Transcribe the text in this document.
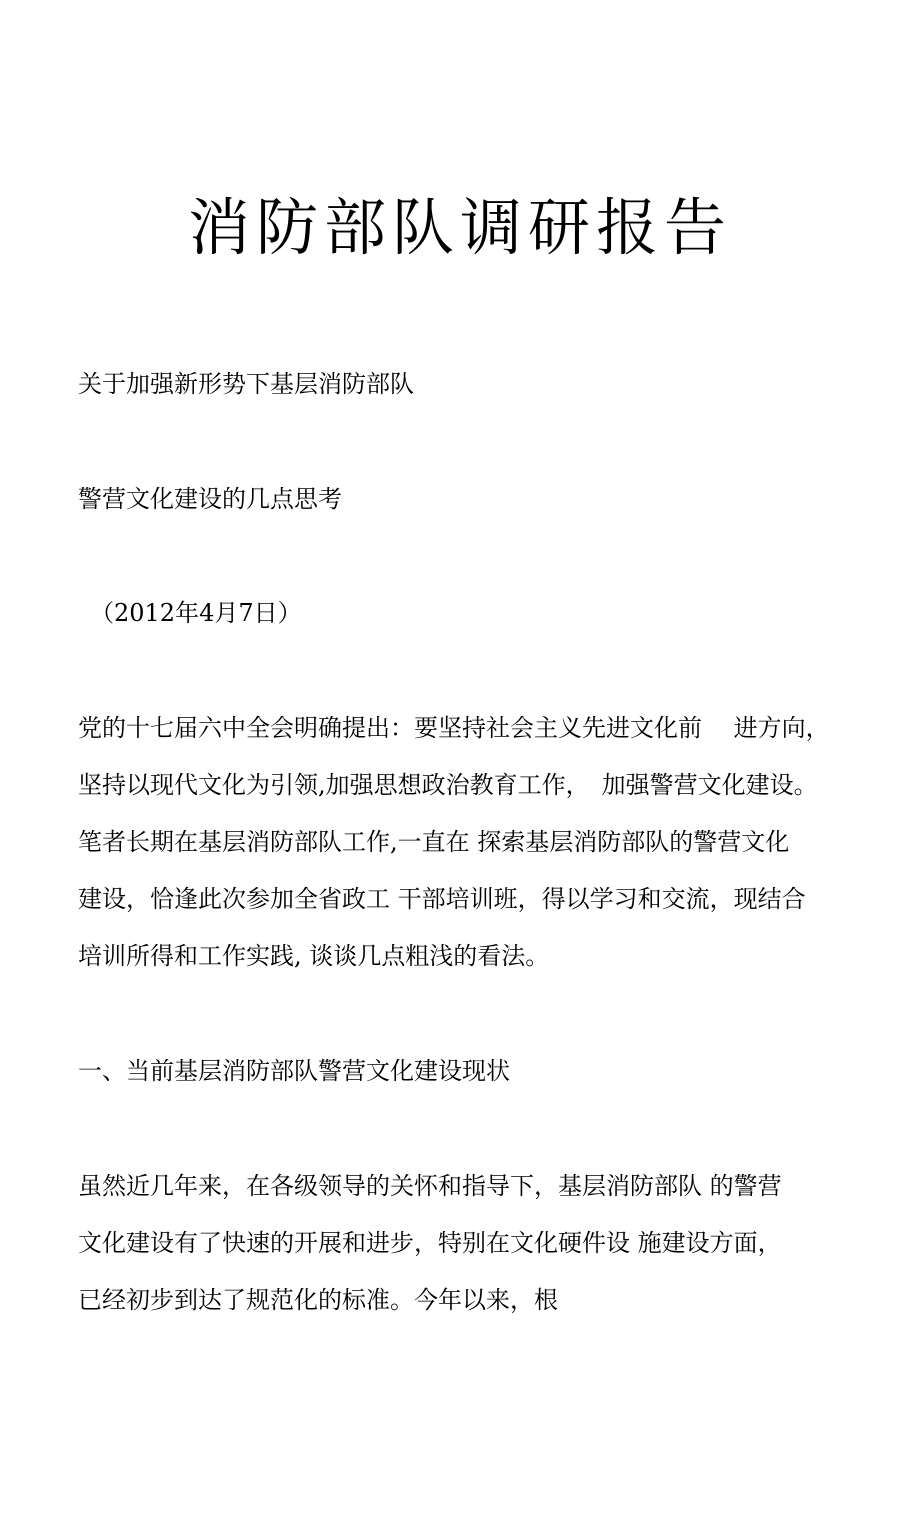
消防部队调研报告
关于加强新形势下基层消防部队
警营文化建设的几点思考
（2012年4月7日）
党的十七届六中全会明确提出：要坚持社会主义先进文化前　 进方向，
坚持以现代文化为引领,加强思想政治教育工作，　加强警营文化建设。
笔者长期在基层消防部队工作,一直在 探索基层消防部队的警营文化
建设，恰逢此次参加全省政工 干部培训班，得以学习和交流，现结合
培训所得和工作实践, 谈谈几点粗浅的看法。
一、当前基层消防部队警营文化建设现状
虽然近几年来，在各级领导的关怀和指导下，基层消防部队 的警营
文化建设有了快速的开展和进步，特别在文化硬件设 施建设方面，
已经初步到达了规范化的标准。今年以来，根
